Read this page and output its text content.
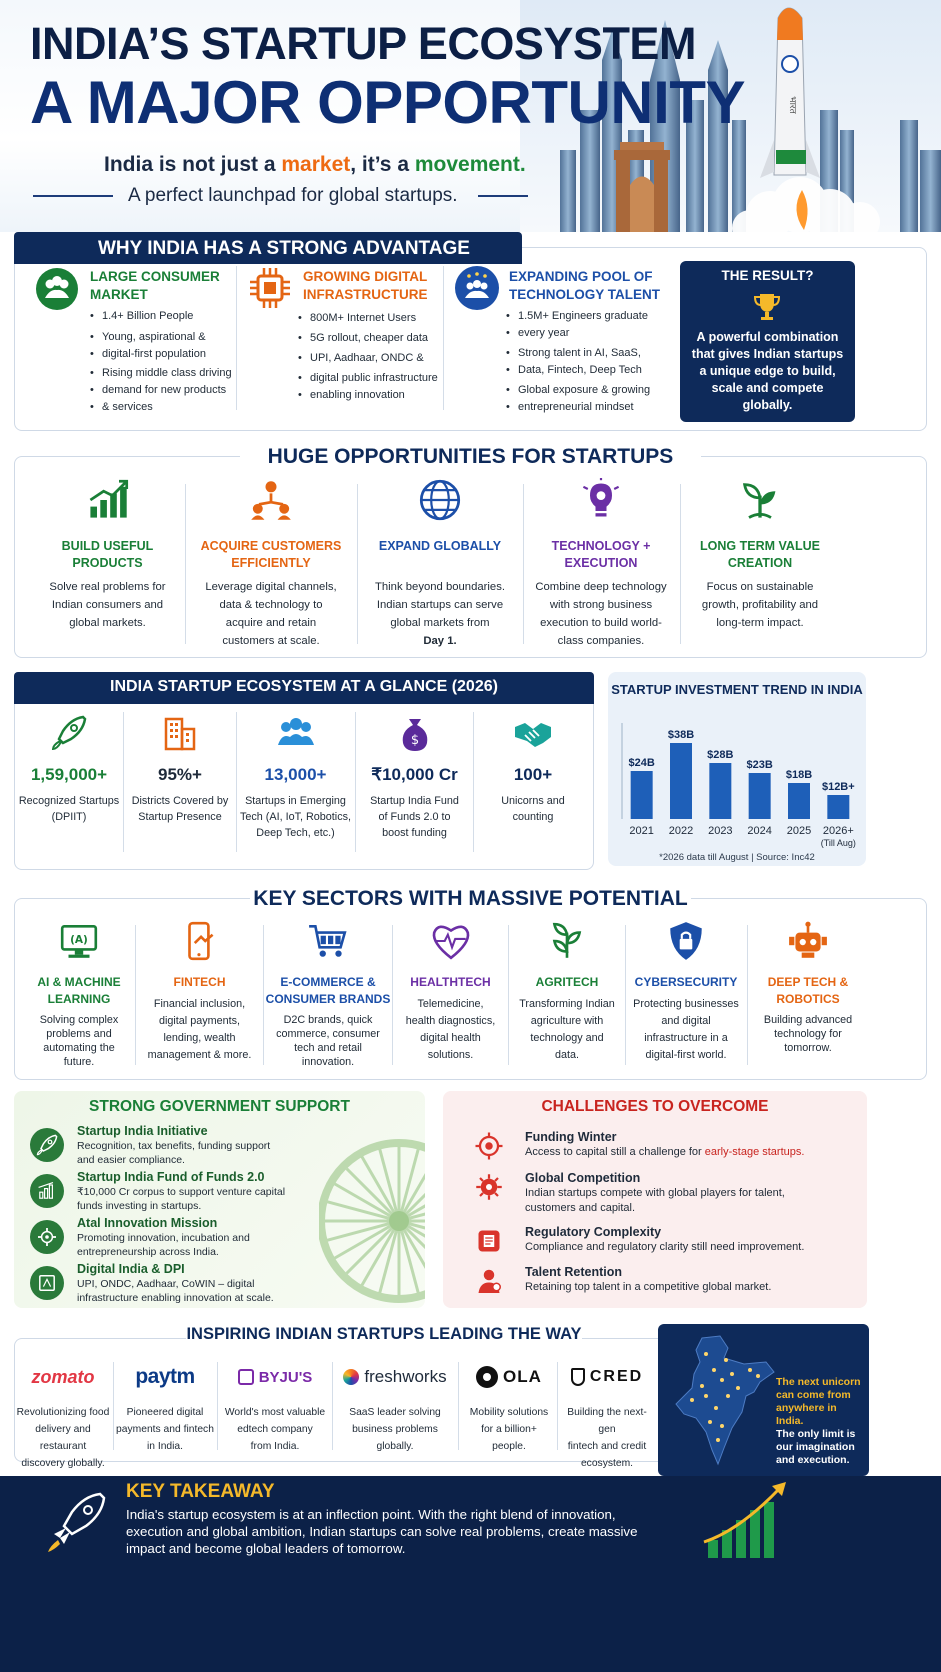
भारत
INDIA’S STARTUP ECOSYSTEM
A MAJOR OPPORTUNITY
India is not just a market, it’s a movement.
A perfect launchpad for global startups.
WHY INDIA HAS A STRONG ADVANTAGE
LARGE CONSUMER
MARKET
• 1.4+ Billion People
• Young, aspirational &
• digital-first population
• Rising middle class driving
• demand for new products
• & services
GROWING DIGITAL
INFRASTRUCTURE
• 800M+ Internet Users
• 5G rollout, cheaper data
• UPI, Aadhaar, ONDC &
• digital public infrastructure
• enabling innovation
EXPANDING POOL OF
TECHNOLOGY TALENT
• 1.5M+ Engineers graduate
• every year
• Strong talent in AI, SaaS,
• Data, Fintech, Deep Tech
• Global exposure & growing
• entrepreneurial mindset
THE RESULT?
A powerful combination
that gives Indian startups
a unique edge to build,
scale and compete
globally.
HUGE OPPORTUNITIES FOR STARTUPS
BUILD USEFUL
PRODUCTS
Solve real problems for
Indian consumers and
global markets.
ACQUIRE CUSTOMERS
EFFICIENTLY
Leverage digital channels,
data & technology to
acquire and retain
customers at scale.
EXPAND GLOBALLY
Think beyond boundaries.
Indian startups can serve
global markets from
Day 1.
TECHNOLOGY +
EXECUTION
Combine deep technology
with strong business
execution to build world-
class companies.
LONG TERM VALUE
CREATION
Focus on sustainable
growth, profitability and
long-term impact.
INDIA STARTUP ECOSYSTEM AT A GLANCE (2026)
1,59,000+
Recognized Startups
(DPIIT)
95%+
Districts Covered by
Startup Presence
13,000+
Startups in Emerging
Tech (AI, IoT, Robotics,
Deep Tech, etc.)
$
₹10,000 Cr
Startup India Fund
of Funds 2.0 to
boost funding
100+
Unicorns and
counting
STARTUP INVESTMENT TREND IN INDIA
$24B
2021
$38B
2022
$28B
2023
$23B
2024
$18B
2025
$12B+
2026+
(Till Aug)
*2026 data till August | Source: Inc42
KEY SECTORS WITH MASSIVE POTENTIAL
(A)
AI & MACHINE
LEARNING
Solving complex
problems and
automating the
future.
FINTECH
Financial inclusion,
digital payments,
lending, wealth
management & more.
E-COMMERCE &
CONSUMER BRANDS
D2C brands, quick
commerce, consumer
tech and retail
innovation.
HEALTHTECH
Telemedicine,
health diagnostics,
digital health
solutions.
AGRITECH
Transforming Indian
agriculture with
technology and
data.
CYBERSECURITY
Protecting businesses
and digital
infrastructure in a
digital-first world.
DEEP TECH &
ROBOTICS
Building advanced
technology for
tomorrow.
STRONG GOVERNMENT SUPPORT
Startup India Initiative
Recognition, tax benefits, funding support
and easier compliance.
Startup India Fund of Funds 2.0
₹10,000 Cr corpus to support venture capital
funds investing in startups.
Atal Innovation Mission
Promoting innovation, incubation and
entrepreneurship across India.
Digital India & DPI
UPI, ONDC, Aadhaar, CoWIN – digital
infrastructure enabling innovation at scale.
CHALLENGES TO OVERCOME
Funding Winter
Access to capital still a challenge for early-stage startups.
Global Competition
Indian startups compete with global players for talent,
customers and capital.
Regulatory Complexity
Compliance and regulatory clarity still need improvement.
Talent Retention
Retaining top talent in a competitive global market.
INSPIRING INDIAN STARTUPS LEADING THE WAY
zomato
Revolutionizing food
delivery and restaurant
discovery globally.
paytm
Pioneered digital
payments and fintech
in India.
BYJU'S
World's most valuable
edtech company
from India.
freshworks
SaaS leader solving
business problems
globally.
OLA
Mobility solutions
for a billion+
people.
CRED
Building the next-gen
fintech and credit
ecosystem.
The next unicorn
can come from
anywhere in India.
The only limit is
our imagination
and execution.
KEY TAKEAWAY
India's startup ecosystem is at an inflection point. With the right blend of innovation,
execution and global ambition, Indian startups can solve real problems, create massive
impact and become global leaders of tomorrow.
